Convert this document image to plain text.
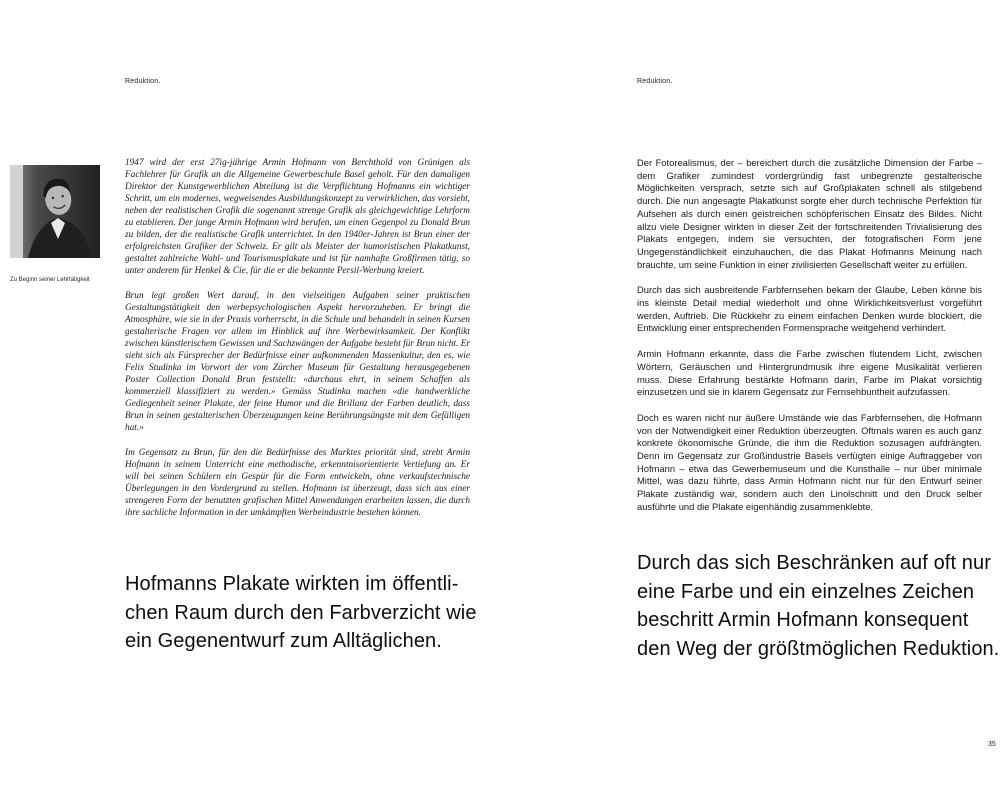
Reduktion.
Zu Beginn seiner Lehrtätigkeit

1947 wird der erst 27ig-jährige Armin Hofmann von Berchthold von Grünigen als Fachlehrer für Grafik an die Allgemeine Gewerbeschule Basel geholt. Für den damaligen Direktor der Kunstgewerblichen Abteilung ist die Verpflichtung Hofmanns ein wichtiger Schritt, um ein modernes, wegweisendes Ausbildungskonzept zu verwirklichen, das vorsieht, neben der realistischen Grafik die sogenannt strenge Grafik als gleichgewichtige Lehrform zu etablieren. Der junge Armin Hofmann wird berufen, um einen Gegenpol zu Donald Brun zu bilden, der die realistische Grafik unterrichtet. In den 1940er-Jahren ist Brun einer der erfolgreichsten Grafiker der Schweiz. Er gilt als Meister der humoristischen Plakatkunst, gestaltet zahlreiche Wahl- und Tourismusplakate und ist für namhafte Großfirmen tätig, so unter anderem für Henkel & Cie, für die er die bekannte Persil-Werbung kreiert.

Brun legt großen Wert darauf, in den vielseitigen Aufgaben seiner praktischen Gestaltungstätigkeit den werbepsychologischen Aspekt hervorzuheben. Er bringt die Atmosphäre, wie sie in der Praxis vorherrscht, in die Schule und behandelt in seinen Kursen gestalterische Fragen vor allem im Hinblick auf ihre Werbewirksamkeit. Der Konflikt zwischen künstlerischem Gewissen und Sachzwängen der Aufgabe besteht für Brun nicht. Er sieht sich als Fürsprecher der Bedürfnisse einer aufkommenden Massenkultur, den es, wie Felix Studinka im Vorwort der vom Zürcher Museum für Gestaltung herausgegebenen Poster Collection Donald Brun feststellt: «durchaus ehrt, in seinem Schaffen als kommerziell klassifiziert zu werden.» Gemäss Studinka machen «die handwerkliche Gediegenheit seiner Plakate, der feine Humor und die Brillanz der Farben deutlich, dass Brun in seinen gestalterischen Überzeugungen keine Berührungsängste mit dem Gefälligen hat.»

Im Gegensatz zu Brun, für den die Bedürfnisse des Marktes priorität sind, strebt Armin Hofmann in seinem Unterricht eine methodische, erkenntnisorientierte Vertiefung an. Er will bei seinen Schülern ein Gespür für die Form entwickeln, ohne verkaufstechnische Überlegungen in den Vordergrund zu stellen. Hofmann ist überzeugt, dass sich aus einer strengeren Form der benutzten grafischen Mittel Anwendungen erarbeiten lassen, die durch ihre sachliche Information in der umkämpften Werbeindustrie bestehen können.

Hofmanns Plakate wirkten im öffentli-
chen Raum durch den Farbverzicht wie
ein Gegenentwurf zum Alltäglichen.
Reduktion.

Der Fotorealismus, der – bereichert durch die zusätzliche Dimension der Farbe – dem Grafiker zumindest vordergründig fast unbegrenzte gestalterische Möglichkeiten versprach, setzte sich auf Großplakaten schnell als stilgebend durch. Die nun angesagte Plakatkunst sorgte eher durch technische Perfektion für Aufsehen als durch einen geistreichen schöpferischen Einsatz des Bildes. Nicht allzu viele Designer wirkten in dieser Zeit der fortschreitenden Trivialisierung des Plakats entgegen, indem sie versuchten, der fotografischen Form jene Ungegenständlichkeit einzuhauchen, die das Plakat Hofmanns Meinung nach brauchte, um seine Funktion in einer zivilisierten Gesellschaft weiter zu erfüllen.

Durch das sich ausbreitende Farbfernsehen bekam der Glaube, Leben könne bis ins kleinste Detail medial wiederholt und ohne Wirklichkeitsverlust vorgeführt werden, Auftrieb. Die Rückkehr zu einem einfachen Denken wurde blockiert, die Entwicklung einer entsprechenden Formensprache weitgehend verhindert.

Armin Hofmann erkannte, dass die Farbe zwischen flutendem Licht, zwischen Wörtern, Geräuschen und Hintergrundmusik ihre eigene Musikalität verlieren muss. Diese Erfahrung bestärkte Hofmann darin, Farbe im Plakat vorsichtig einzusetzen und sie in klarem Gegensatz zur Fernsehbuntheit aufzufassen.

Doch es waren nicht nur äußere Umstände wie das Farbfernsehen, die Hofmann von der Notwendigkeit einer Reduktion überzeugten. Oftmals waren es auch ganz konkrete ökonomische Gründe, die ihm die Reduktion sozusagen aufdrängten. Denn im Gegensatz zur Großindustrie Basels verfügten einige Auftraggeber von Hofmann – etwa das Gewerbemuseum und die Kunsthalle – nur über minimale Mittel, was dazu führte, dass Armin Hofmann nicht nur für den Entwurf seiner Plakate zuständig war, sondern auch den Linolschnitt und den Druck selber ausführte und die Plakate eigenhändig zusammenklebte.

Durch das sich Beschränken auf oft nur
eine Farbe und ein einzelnes Zeichen
beschritt Armin Hofmann konsequent
den Weg der größtmöglichen Reduktion.
35
